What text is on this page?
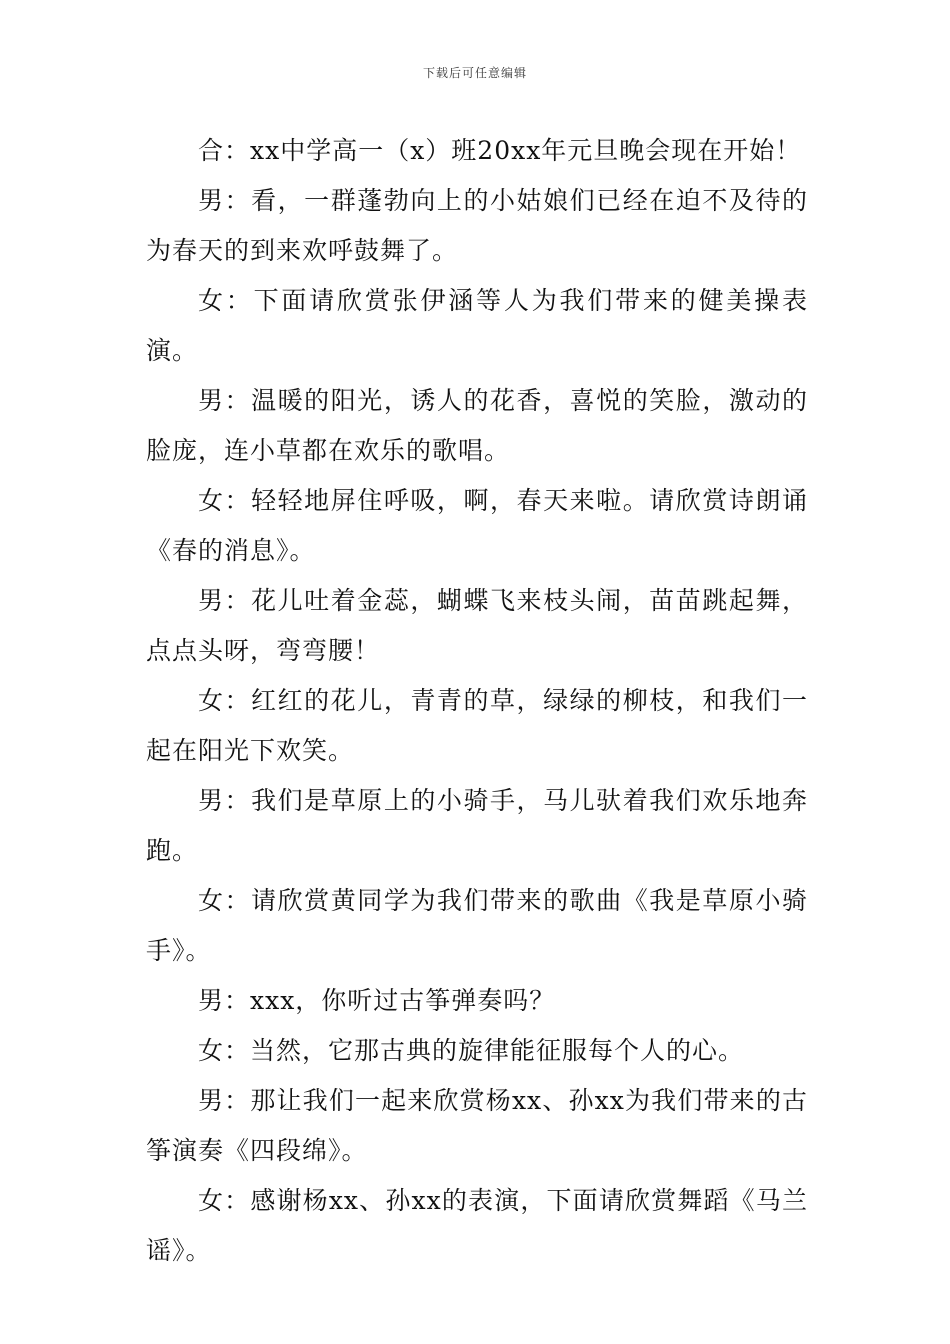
下载后可任意编辑

合：xx中学高一（x）班20xx年元旦晚会现在开始！

男：看，一群蓬勃向上的小姑娘们已经在迫不及待的为春天的到来欢呼鼓舞了。

女：下面请欣赏张伊涵等人为我们带来的健美操表演。

男：温暖的阳光，诱人的花香，喜悦的笑脸，激动的脸庞，连小草都在欢乐的歌唱。

女：轻轻地屏住呼吸，啊，春天来啦。请欣赏诗朗诵《春的消息》。

男：花儿吐着金蕊，蝴蝶飞来枝头闹，苗苗跳起舞，点点头呀，弯弯腰！

女：红红的花儿，青青的草，绿绿的柳枝，和我们一起在阳光下欢笑。

男：我们是草原上的小骑手，马儿驮着我们欢乐地奔跑。

女：请欣赏黄同学为我们带来的歌曲《我是草原小骑手》。

男：xxx，你听过古筝弹奏吗？

女：当然，它那古典的旋律能征服每个人的心。

男：那让我们一起来欣赏杨xx、孙xx为我们带来的古筝演奏《四段绵》。

女：感谢杨xx、孙xx的表演，下面请欣赏舞蹈《马兰谣》。
